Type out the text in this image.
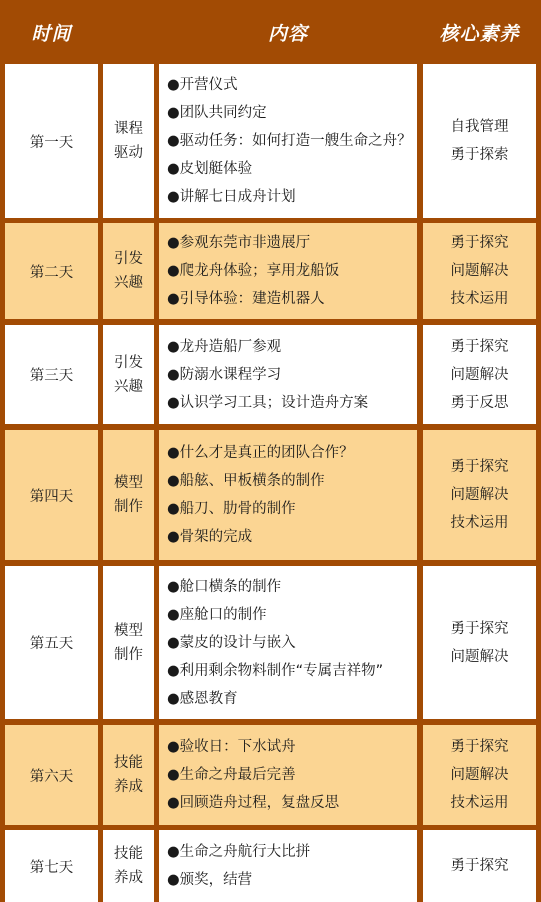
时间	内容	核心素养
第一天
课程
驱动
●开营仪式
●团队共同约定
●驱动任务：如何打造一艘生命之舟？
●皮划艇体验
●讲解七日成舟计划
自我管理
勇于探索
第二天
引发
兴趣
●参观东莞市非遗展厅
●爬龙舟体验；享用龙船饭
●引导体验：建造机器人
勇于探究
问题解决
技术运用
第三天
引发
兴趣
●龙舟造船厂参观
●防溺水课程学习
●认识学习工具；设计造舟方案
勇于探究
问题解决
勇于反思
第四天
模型
制作
●什么才是真正的团队合作？
●船舷、甲板横条的制作
●船刀、肋骨的制作
●骨架的完成
勇于探究
问题解决
技术运用
第五天
模型
制作
●舱口横条的制作
●座舱口的制作
●蒙皮的设计与嵌入
●利用剩余物料制作“专属吉祥物”
●感恩教育
勇于探究
问题解决
第六天
技能
养成
●验收日：下水试舟
●生命之舟最后完善
●回顾造舟过程，复盘反思
勇于探究
问题解决
技术运用
第七天
技能
养成
●生命之舟航行大比拼
●颁奖，结营
勇于探究
